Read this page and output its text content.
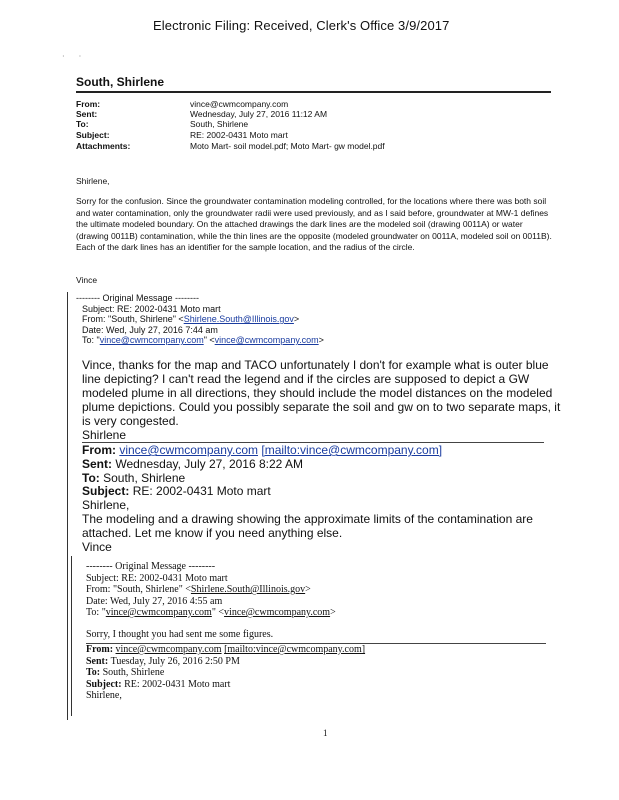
Electronic Filing: Received, Clerk's Office 3/9/2017
·       ·
South, Shirlene
From:	vince@cwmcompany.com
Sent:	Wednesday, July 27, 2016 11:12 AM
To:	South, Shirlene
Subject:	RE: 2002-0431 Moto mart
Attachments:	Moto Mart- soil model.pdf; Moto Mart- gw model.pdf
Shirlene,
Sorry for the confusion. Since the groundwater contamination modeling controlled, for the locations where there was both soil and water contamination, only the groundwater radii were used previously, and as I said before, groundwater at MW-1 defines the ultimate modeled boundary. On the attached drawings the dark lines are the modeled soil (drawing 0011A) or water (drawing 0011B) contamination, while the thin lines are the opposite (modeled groundwater on 0011A, modeled soil on 0011B). Each of the dark lines has an identifier for the sample location, and the radius of the circle.
Vince
-------- Original Message --------
Subject: RE: 2002-0431 Moto mart
From: "South, Shirlene" <Shirlene.South@Illinois.gov>
Date: Wed, July 27, 2016 7:44 am
To: "vince@cwmcompany.com" <vince@cwmcompany.com>
Vince, thanks for the map and TACO unfortunately I don't for example what is outer blue line depicting? I can't read the legend and if the circles are supposed to depict a GW modeled plume in all directions, they should include the model distances on the modeled plume depictions. Could you possibly separate the soil and gw on to two separate maps, it is very congested.
Shirlene
From: vince@cwmcompany.com [mailto:vince@cwmcompany.com]
Sent: Wednesday, July 27, 2016 8:22 AM
To: South, Shirlene
Subject: RE: 2002-0431 Moto mart
Shirlene,
The modeling and a drawing showing the approximate limits of the contamination are attached. Let me know if you need anything else.
Vince
-------- Original Message --------
Subject: RE: 2002-0431 Moto mart
From: "South, Shirlene" <Shirlene.South@Illinois.gov>
Date: Wed, July 27, 2016 4:55 am
To: "vince@cwmcompany.com" <vince@cwmcompany.com>
Sorry, I thought you had sent me some figures.
From: vince@cwmcompany.com [mailto:vince@cwmcompany.com]
Sent: Tuesday, July 26, 2016 2:50 PM
To: South, Shirlene
Subject: RE: 2002-0431 Moto mart
Shirlene,
1
